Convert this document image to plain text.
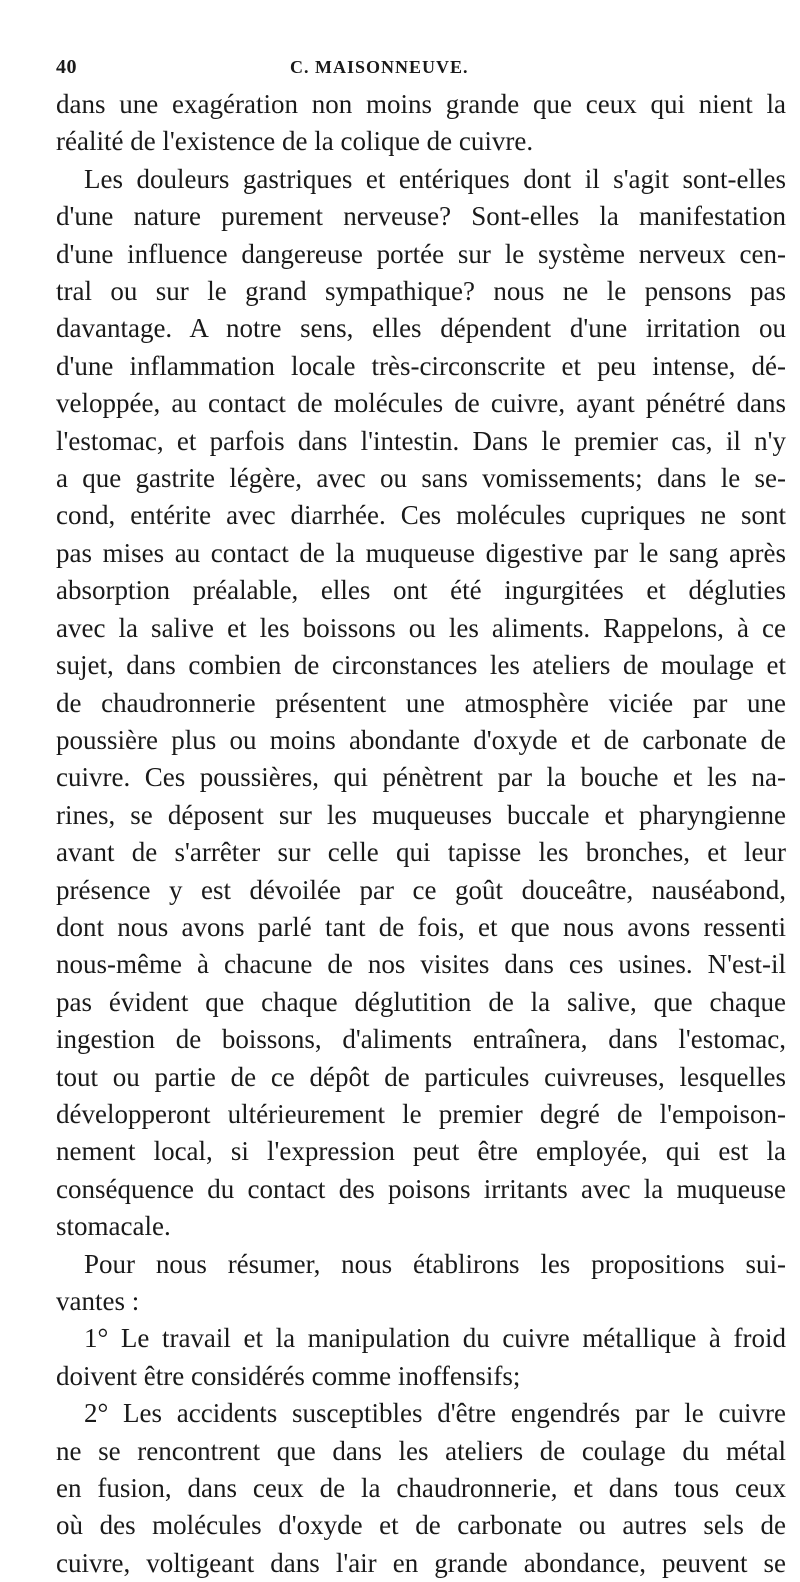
40	C. MAISONNEUVE.

dans une exagération non moins grande que ceux qui nient la
réalité de l'existence de la colique de cuivre.

Les douleurs gastriques et entériques dont il s'agit sont-elles
d'une nature purement nerveuse? Sont-elles la manifestation
d'une influence dangereuse portée sur le système nerveux cen-
tral ou sur le grand sympathique? nous ne le pensons pas
davantage. A notre sens, elles dépendent d'une irritation ou
d'une inflammation locale très-circonscrite et peu intense, dé-
veloppée, au contact de molécules de cuivre, ayant pénétré dans
l'estomac, et parfois dans l'intestin. Dans le premier cas, il n'y
a que gastrite légère, avec ou sans vomissements; dans le se-
cond, entérite avec diarrhée. Ces molécules cupriques ne sont
pas mises au contact de la muqueuse digestive par le sang après
absorption préalable, elles ont été ingurgitées et dégluties
avec la salive et les boissons ou les aliments. Rappelons, à ce
sujet, dans combien de circonstances les ateliers de moulage et
de chaudronnerie présentent une atmosphère viciée par une
poussière plus ou moins abondante d'oxyde et de carbonate de
cuivre. Ces poussières, qui pénètrent par la bouche et les na-
rines, se déposent sur les muqueuses buccale et pharyngienne
avant de s'arrêter sur celle qui tapisse les bronches, et leur
présence y est dévoilée par ce goût douceâtre, nauséabond,
dont nous avons parlé tant de fois, et que nous avons ressenti
nous-même à chacune de nos visites dans ces usines. N'est-il
pas évident que chaque déglutition de la salive, que chaque
ingestion de boissons, d'aliments entraînera, dans l'estomac,
tout ou partie de ce dépôt de particules cuivreuses, lesquelles
développeront ultérieurement le premier degré de l'empoison-
nement local, si l'expression peut être employée, qui est la
conséquence du contact des poisons irritants avec la muqueuse
stomacale.

Pour nous résumer, nous établirons les propositions sui-
vantes :

1° Le travail et la manipulation du cuivre métallique à froid
doivent être considérés comme inoffensifs;

2° Les accidents susceptibles d'être engendrés par le cuivre
ne se rencontrent que dans les ateliers de coulage du métal
en fusion, dans ceux de la chaudronnerie, et dans tous ceux
où des molécules d'oxyde et de carbonate ou autres sels de
cuivre, voltigeant dans l'air en grande abondance, peuvent se
